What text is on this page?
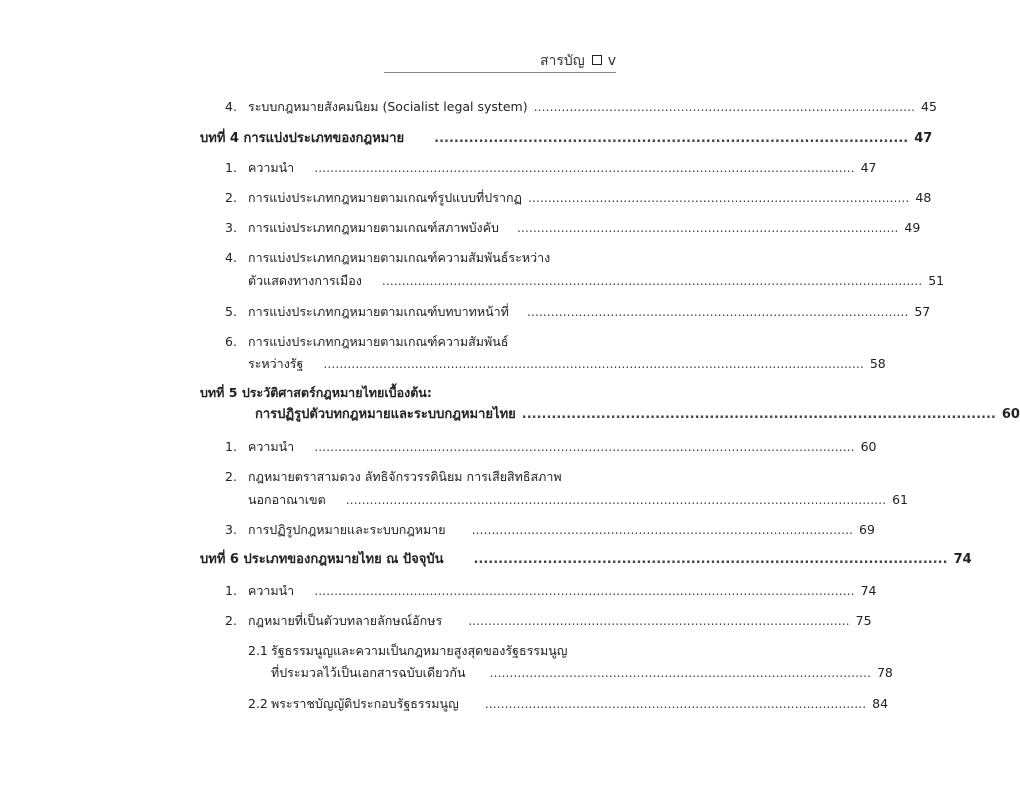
สารบัญ v
4. ระบบกฎหมายสังคมนิยม (Socialist legal system) ................................................................................................ 45
บทที่ 4
การแบ่งประเภทของกฎหมาย ................................................................................................ 47
1. ความนำ ........................................................................................................................................ 47
2. การแบ่งประเภทกฎหมายตามเกณฑ์รูปแบบที่ปรากฏ ................................................................................................ 48
3. การแบ่งประเภทกฎหมายตามเกณฑ์สภาพบังคับ ................................................................................................ 49
4. การแบ่งประเภทกฎหมายตามเกณฑ์ความสัมพันธ์ระหว่าง
ตัวแสดงทางการเมือง ........................................................................................................................................ 51
5. การแบ่งประเภทกฎหมายตามเกณฑ์บทบาทหน้าที่ ................................................................................................ 57
6. การแบ่งประเภทกฎหมายตามเกณฑ์ความสัมพันธ์
ระหว่างรัฐ ........................................................................................................................................ 58
บทที่ 5 ประวัติศาสตร์กฎหมายไทยเบื้องต้น:
การปฏิรูปตัวบทกฎหมายและระบบกฎหมายไทย ................................................................................................ 60
1. ความนำ ........................................................................................................................................ 60
2. กฎหมายตราสามดวง ลัทธิจักรวรรดินิยม การเสียสิทธิสภาพ
นอกอาณาเขต ........................................................................................................................................ 61
3. การปฏิรูปกฎหมายและระบบกฎหมาย ................................................................................................ 69
บทที่ 6
ประเภทของกฎหมายไทย ณ ปัจจุบัน ................................................................................................ 74
1. ความนำ ........................................................................................................................................ 74
2. กฎหมายที่เป็นตัวบทลายลักษณ์อักษร ................................................................................................ 75
2.1 รัฐธรรมนูญและความเป็นกฎหมายสูงสุดของรัฐธรรมนูญ
ที่ประมวลไว้เป็นเอกสารฉบับเดียวกัน ................................................................................................ 78
2.2 พระราชบัญญัติประกอบรัฐธรรมนูญ ................................................................................................ 84
